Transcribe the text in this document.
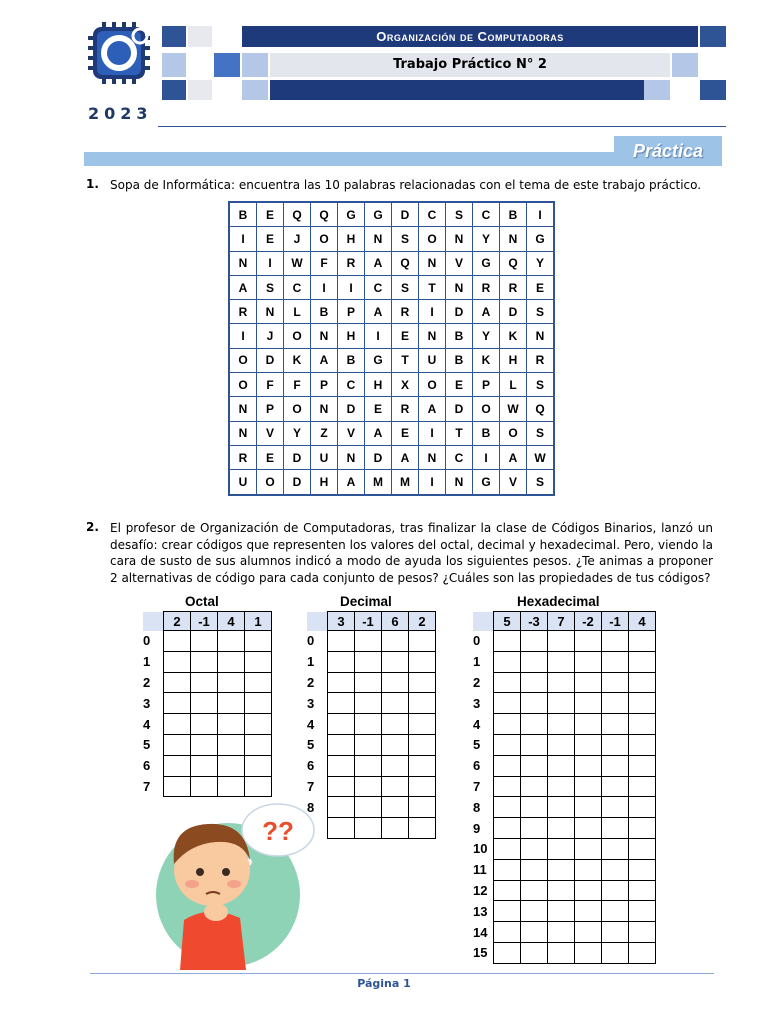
2023
Organización de Computadoras
Trabajo Práctico N° 2
Práctica
1. Sopa de Informática: encuentra las 10 palabras relacionadas con el tema de este trabajo práctico.
B	E	Q	Q	G	G	D	C	S	C	B	I
I	E	J	O	H	N	S	O	N	Y	N	G
N	I	W	F	R	A	Q	N	V	G	Q	Y
A	S	C	I	I	C	S	T	N	R	R	E
R	N	L	B	P	A	R	I	D	A	D	S
I	J	O	N	H	I	E	N	B	Y	K	N
O	D	K	A	B	G	T	U	B	K	H	R
O	F	F	P	C	H	X	O	E	P	L	S
N	P	O	N	D	E	R	A	D	O	W	Q
N	V	Y	Z	V	A	E	I	T	B	O	S
R	E	D	U	N	D	A	N	C	I	A	W
U	O	D	H	A	M	M	I	N	G	V	S
2. El profesor de Organización de Computadoras, tras finalizar la clase de Códigos Binarios, lanzó un desafío: crear códigos que representen los valores del octal, decimal y hexadecimal. Pero, viendo la cara de susto de sus alumnos indicó a modo de ayuda los siguientes pesos. ¿Te animas a proponer 2 alternativas de código para cada conjunto de pesos? ¿Cuáles son las propiedades de tus códigos?
Octal	Decimal	Hexadecimal
	2	-1	4	1
0				
1				
2				
3				
4				
5				
6				
7				
	3	-1	6	2
0				
1				
2				
3				
4				
5				
6				
7				
8				

	5	-3	7	-2	-1	4
0						
1						
2						
3						
4						
5						
6						
7						
8						
9						
10						
11						
12						
13						
14						
15						
??
Página 1
